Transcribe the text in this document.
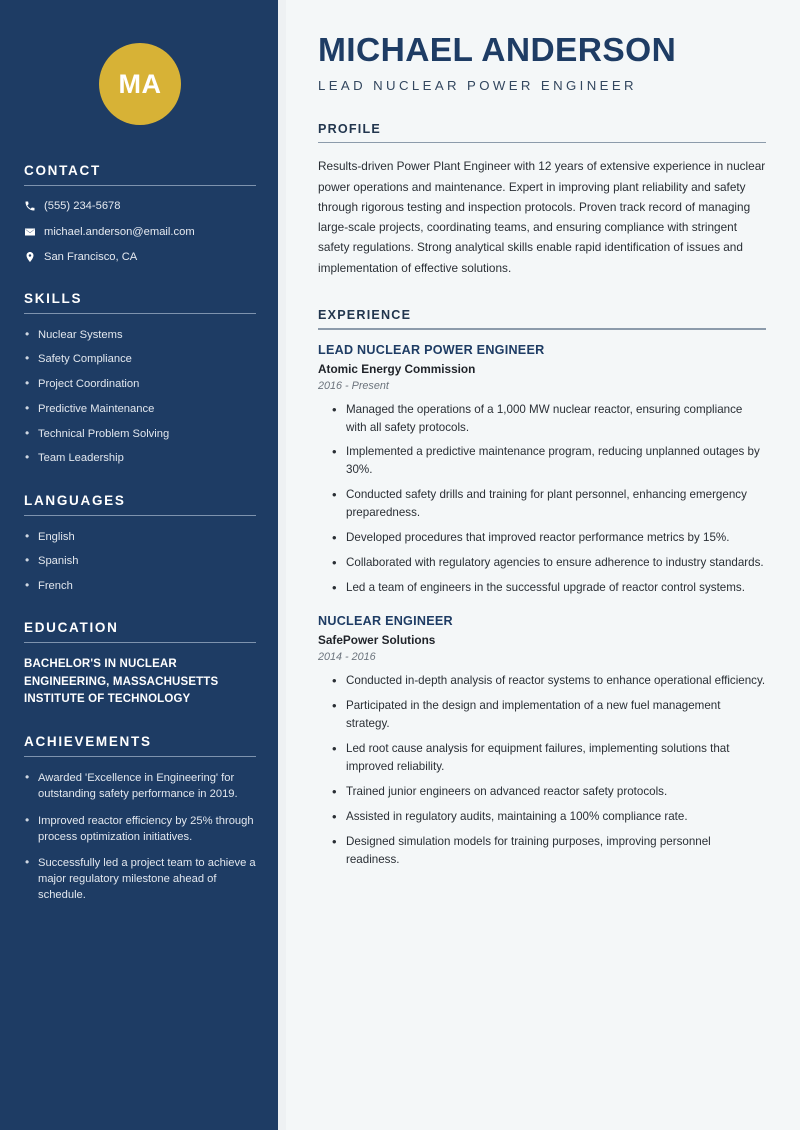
MA
CONTACT
(555) 234-5678
michael.anderson@email.com
San Francisco, CA
SKILLS
• Nuclear Systems
• Safety Compliance
• Project Coordination
• Predictive Maintenance
• Technical Problem Solving
• Team Leadership
LANGUAGES
• English
• Spanish
• French
EDUCATION
BACHELOR'S IN NUCLEAR ENGINEERING, MASSACHUSETTS INSTITUTE OF TECHNOLOGY
ACHIEVEMENTS
• Awarded 'Excellence in Engineering' for outstanding safety performance in 2019.
• Improved reactor efficiency by 25% through process optimization initiatives.
• Successfully led a project team to achieve a major regulatory milestone ahead of schedule.
MICHAEL ANDERSON
LEAD NUCLEAR POWER ENGINEER
PROFILE

Results-driven Power Plant Engineer with 12 years of extensive experience in nuclear power operations and maintenance. Expert in improving plant reliability and safety through rigorous testing and inspection protocols. Proven track record of managing large-scale projects, coordinating teams, and ensuring compliance with stringent safety regulations. Strong analytical skills enable rapid identification of issues and implementation of effective solutions.

EXPERIENCE
LEAD NUCLEAR POWER ENGINEER
Atomic Energy Commission
2016 - Present
• Managed the operations of a 1,000 MW nuclear reactor, ensuring compliance with all safety protocols.
• Implemented a predictive maintenance program, reducing unplanned outages by 30%.
• Conducted safety drills and training for plant personnel, enhancing emergency preparedness.
• Developed procedures that improved reactor performance metrics by 15%.
• Collaborated with regulatory agencies to ensure adherence to industry standards.
• Led a team of engineers in the successful upgrade of reactor control systems.
NUCLEAR ENGINEER
SafePower Solutions
2014 - 2016
• Conducted in-depth analysis of reactor systems to enhance operational efficiency.
• Participated in the design and implementation of a new fuel management strategy.
• Led root cause analysis for equipment failures, implementing solutions that improved reliability.
• Trained junior engineers on advanced reactor safety protocols.
• Assisted in regulatory audits, maintaining a 100% compliance rate.
• Designed simulation models for training purposes, improving personnel readiness.
